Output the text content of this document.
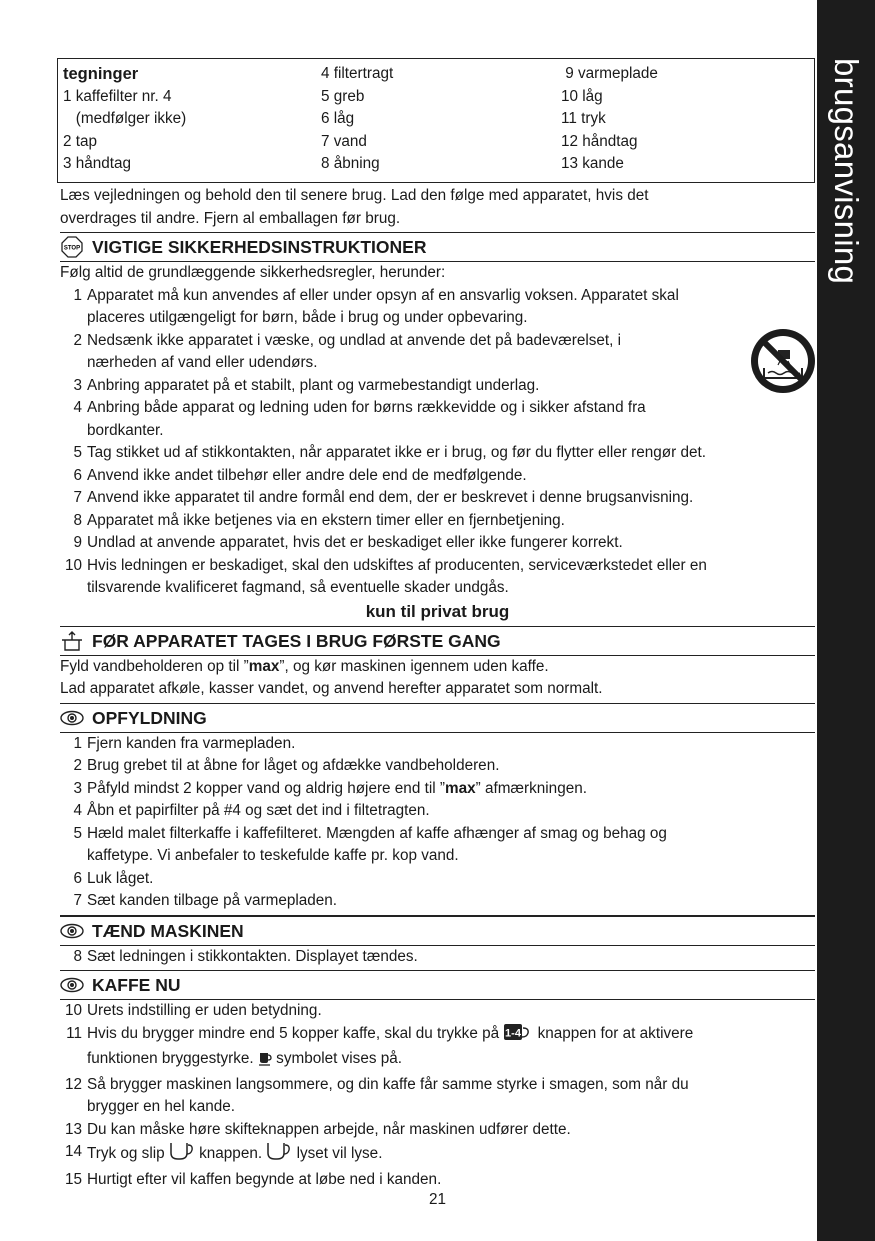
brugsanvisning
tegninger
1 kaffefilter nr. 4
(medfølger ikke)
2 tap
3 håndtag
4 filtertragt
5 greb
6 låg
7 vand
8 åbning
9 varmeplade
10 låg
11 tryk
12 håndtag
13 kande
Læs vejledningen og behold den til senere brug. Lad den følge med apparatet, hvis det
overdrages til andre. Fjern al emballagen før brug.
STOP VIGTIGE SIKKERHEDSINSTRUKTIONER
Følg altid de grundlæggende sikkerhedsregler, herunder:
1 Apparatet må kun anvendes af eller under opsyn af en ansvarlig voksen. Apparatet skal
placeres utilgængeligt for børn, både i brug og under opbevaring.
2 Nedsænk ikke apparatet i væske, og undlad at anvende det på badeværelset, i
nærheden af vand eller udendørs.
3 Anbring apparatet på et stabilt, plant og varmebestandigt underlag.
4 Anbring både apparat og ledning uden for børns rækkevidde og i sikker afstand fra
bordkanter.
5 Tag stikket ud af stikkontakten, når apparatet ikke er i brug, og før du flytter eller rengør det.
6 Anvend ikke andet tilbehør eller andre dele end de medfølgende.
7 Anvend ikke apparatet til andre formål end dem, der er beskrevet i denne brugsanvisning.
8 Apparatet må ikke betjenes via en ekstern timer eller en fjernbetjening.
9 Undlad at anvende apparatet, hvis det er beskadiget eller ikke fungerer korrekt.
10 Hvis ledningen er beskadiget, skal den udskiftes af producenten, serviceværkstedet eller en
tilsvarende kvalificeret fagmand, så eventuelle skader undgås.
kun til privat brug
FØR APPARATET TAGES I BRUG FØRSTE GANG
Fyld vandbeholderen op til ”max”, og kør maskinen igennem uden kaffe.
Lad apparatet afkøle, kasser vandet, og anvend herefter apparatet som normalt.
OPFYLDNING
1 Fjern kanden fra varmepladen.
2 Brug grebet til at åbne for låget og afdække vandbeholderen.
3 Påfyld mindst 2 kopper vand og aldrig højere end til ”max” afmærkningen.
4 Åbn et papirfilter på #4 og sæt det ind i filtetragten.
5 Hæld malet filterkaffe i kaffefilteret. Mængden af kaffe afhænger af smag og behag og
kaffetype. Vi anbefaler to teskefulde kaffe pr. kop vand.
6 Luk låget.
7 Sæt kanden tilbage på varmepladen.
TÆND MASKINEN
8 Sæt ledningen i stikkontakten. Displayet tændes.
KAFFE NU
10 Urets indstilling er uden betydning.
11 Hvis du brygger mindre end 5 kopper kaffe, skal du trykke på 1-4 knappen for at aktivere
funktionen bryggestyrke.  symbolet vises på.
12 Så brygger maskinen langsommere, og din kaffe får samme styrke i smagen, som når du
brygger en hel kande.
13 Du kan måske høre skifteknappen arbejde, når maskinen udfører dette.
14 Tryk og slip  knappen.  lyset vil lyse.
15 Hurtigt efter vil kaffen begynde at løbe ned i kanden.
21
